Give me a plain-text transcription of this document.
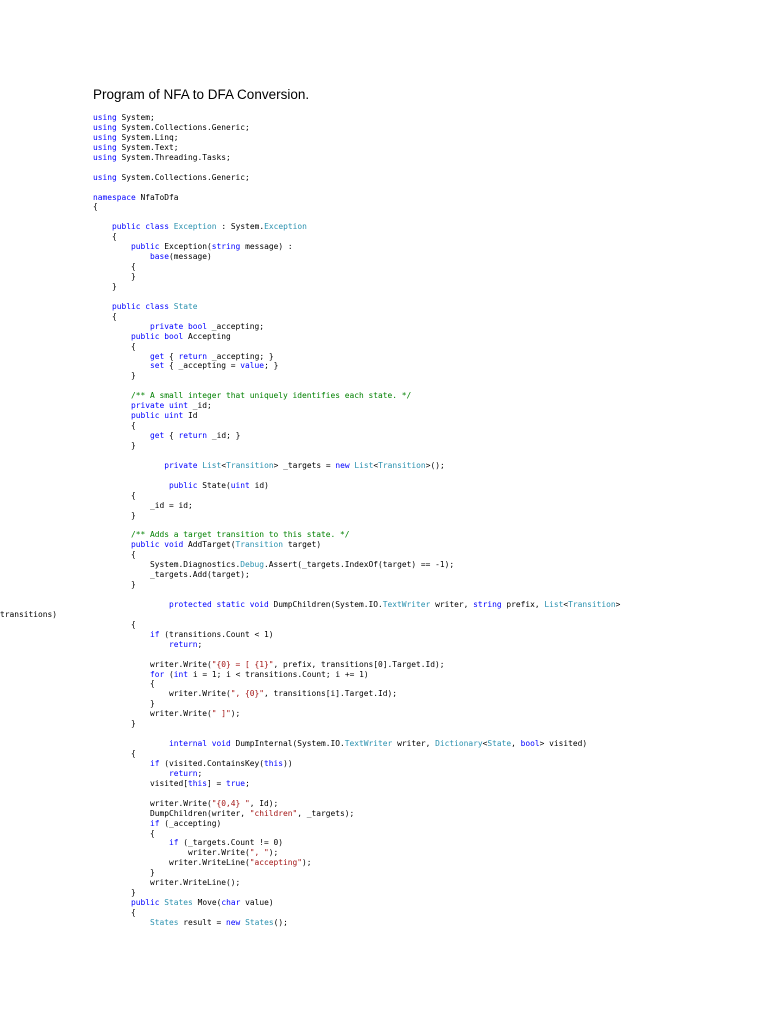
Program of NFA to DFA Conversion.
using System;
using System.Collections.Generic;
using System.Linq;
using System.Text;
using System.Threading.Tasks;
using System.Collections.Generic;
namespace NfaToDfa
{
public class Exception : System.Exception
{
public Exception(string message) :
base(message)
{
}
}
public class State
{
private bool _accepting;
public bool Accepting
{
get { return _accepting; }
set { _accepting = value; }
}
/** A small integer that uniquely identifies each state. */
private uint _id;
public uint Id
{
get { return _id; }
}
private List<Transition> _targets = new List<Transition>();
public State(uint id)
{
_id = id;
}
/** Adds a target transition to this state. */
public void AddTarget(Transition target)
{
System.Diagnostics.Debug.Assert(_targets.IndexOf(target) == -1);
_targets.Add(target);
}
protected static void DumpChildren(System.IO.TextWriter writer, string prefix, List<Transition>
transitions)
{
if (transitions.Count < 1)
return;
writer.Write("{0} = [ {1}", prefix, transitions[0].Target.Id);
for (int i = 1; i < transitions.Count; i += 1)
{
writer.Write(", {0}", transitions[i].Target.Id);
}
writer.Write(" ]");
}
internal void DumpInternal(System.IO.TextWriter writer, Dictionary<State, bool> visited)
{
if (visited.ContainsKey(this))
return;
visited[this] = true;
writer.Write("{0,4} ", Id);
DumpChildren(writer, "children", _targets);
if (_accepting)
{
if (_targets.Count != 0)
writer.Write(", ");
writer.WriteLine("accepting");
}
writer.WriteLine();
}
public States Move(char value)
{
States result = new States();
